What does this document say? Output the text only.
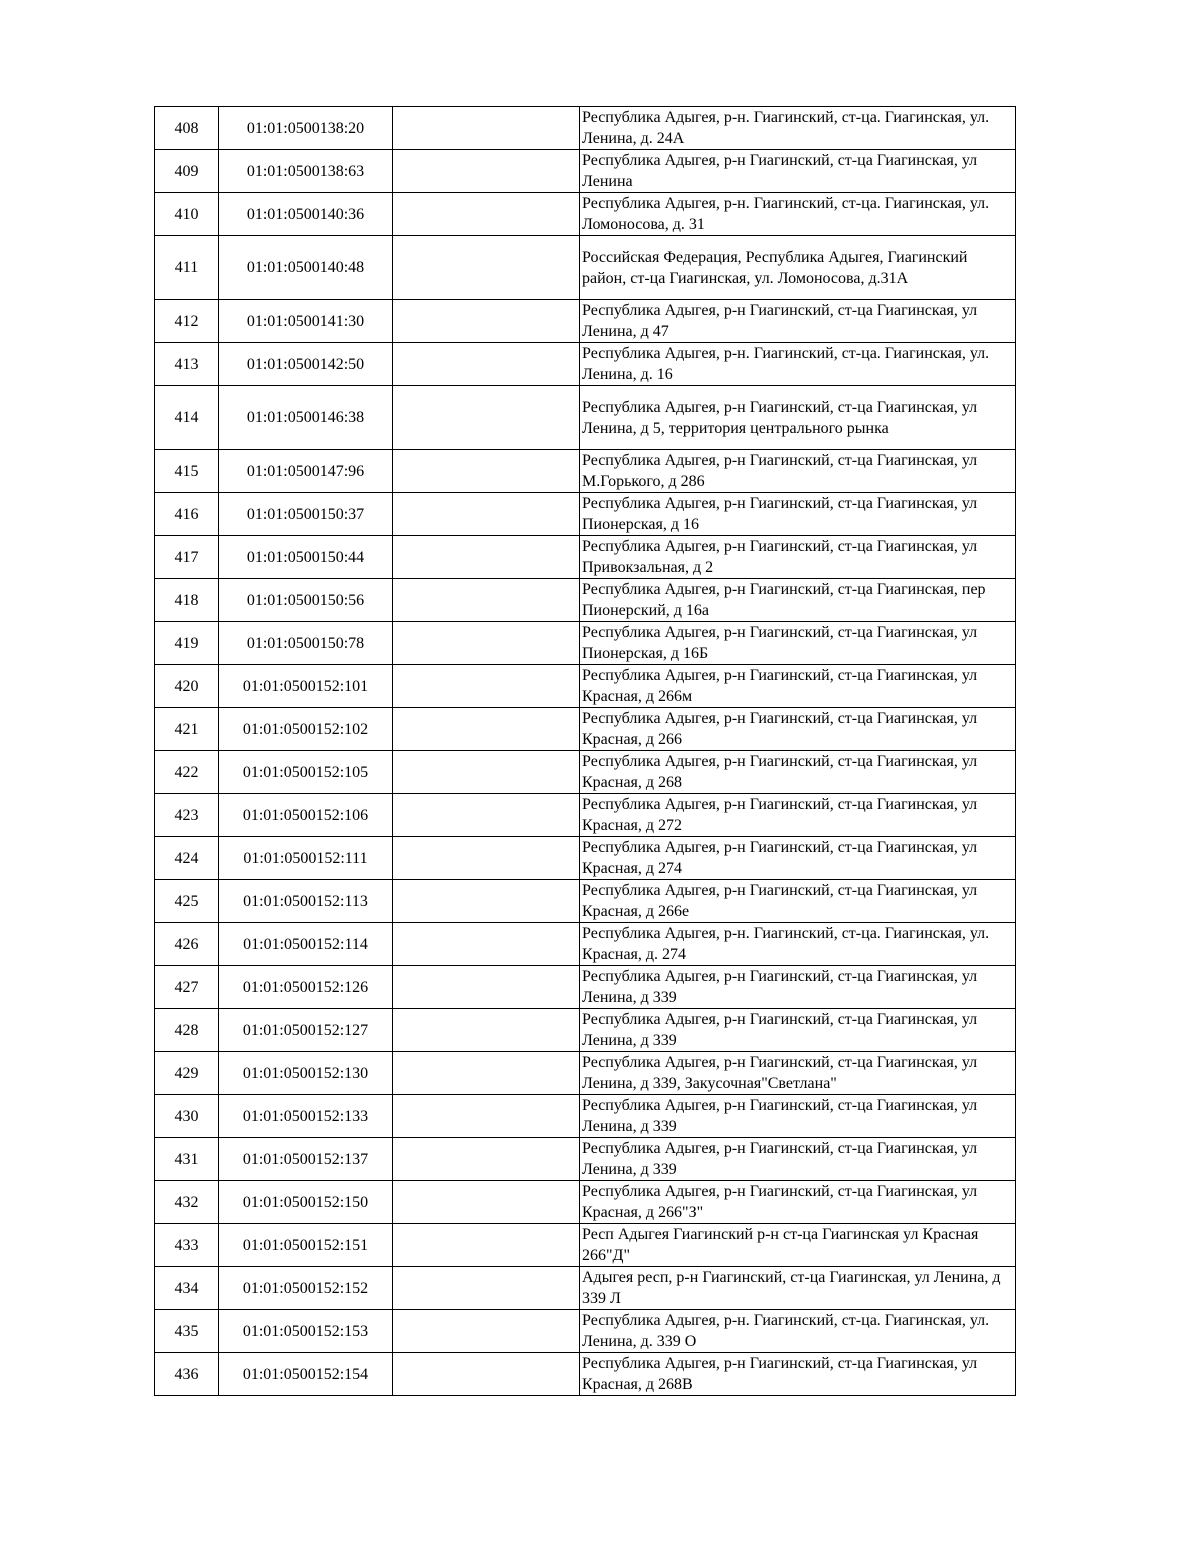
408	01:01:0500138:20		Республика Адыгея, р-н. Гиагинский, ст-ца. Гиагинская, ул. Ленина, д. 24А
409	01:01:0500138:63		Республика Адыгея, р-н Гиагинский, ст-ца Гиагинская, ул Ленина
410	01:01:0500140:36		Республика Адыгея, р-н. Гиагинский, ст-ца. Гиагинская, ул. Ломоносова, д. 31
411	01:01:0500140:48		Российская Федерация, Республика Адыгея, Гиагинский район, ст-ца Гиагинская, ул. Ломоносова, д.31А
412	01:01:0500141:30		Республика Адыгея, р-н Гиагинский, ст-ца Гиагинская, ул Ленина, д 47
413	01:01:0500142:50		Республика Адыгея, р-н. Гиагинский, ст-ца. Гиагинская, ул. Ленина, д. 16
414	01:01:0500146:38		Республика Адыгея, р-н Гиагинский, ст-ца Гиагинская, ул Ленина, д 5, территория центрального рынка
415	01:01:0500147:96		Республика Адыгея, р-н Гиагинский, ст-ца Гиагинская, ул М.Горького, д 286
416	01:01:0500150:37		Республика Адыгея, р-н Гиагинский, ст-ца Гиагинская, ул Пионерская, д 16
417	01:01:0500150:44		Республика Адыгея, р-н Гиагинский, ст-ца Гиагинская, ул Привокзальная, д 2
418	01:01:0500150:56		Республика Адыгея, р-н Гиагинский, ст-ца Гиагинская, пер Пионерский, д 16а
419	01:01:0500150:78		Республика Адыгея, р-н Гиагинский, ст-ца Гиагинская, ул Пионерская, д 16Б
420	01:01:0500152:101		Республика Адыгея, р-н Гиагинский, ст-ца Гиагинская, ул Красная, д 266м
421	01:01:0500152:102		Республика Адыгея, р-н Гиагинский, ст-ца Гиагинская, ул Красная, д 266
422	01:01:0500152:105		Республика Адыгея, р-н Гиагинский, ст-ца Гиагинская, ул Красная, д 268
423	01:01:0500152:106		Республика Адыгея, р-н Гиагинский, ст-ца Гиагинская, ул Красная, д 272
424	01:01:0500152:111		Республика Адыгея, р-н Гиагинский, ст-ца Гиагинская, ул Красная, д 274
425	01:01:0500152:113		Республика Адыгея, р-н Гиагинский, ст-ца Гиагинская, ул Красная, д 266е
426	01:01:0500152:114		Республика Адыгея, р-н. Гиагинский, ст-ца. Гиагинская, ул. Красная, д. 274
427	01:01:0500152:126		Республика Адыгея, р-н Гиагинский, ст-ца Гиагинская, ул Ленина, д 339
428	01:01:0500152:127		Республика Адыгея, р-н Гиагинский, ст-ца Гиагинская, ул Ленина, д 339
429	01:01:0500152:130		Республика Адыгея, р-н Гиагинский, ст-ца Гиагинская, ул Ленина, д 339, Закусочная"Светлана"
430	01:01:0500152:133		Республика Адыгея, р-н Гиагинский, ст-ца Гиагинская, ул Ленина, д 339
431	01:01:0500152:137		Республика Адыгея, р-н Гиагинский, ст-ца Гиагинская, ул Ленина, д 339
432	01:01:0500152:150		Республика Адыгея, р-н Гиагинский, ст-ца Гиагинская, ул Красная, д 266"З"
433	01:01:0500152:151		Респ Адыгея Гиагинский р-н ст-ца Гиагинская ул Красная 266"Д"
434	01:01:0500152:152		Адыгея респ, р-н Гиагинский, ст-ца Гиагинская, ул Ленина, д 339 Л
435	01:01:0500152:153		Республика Адыгея, р-н. Гиагинский, ст-ца. Гиагинская, ул. Ленина, д. 339 О
436	01:01:0500152:154		Республика Адыгея, р-н Гиагинский, ст-ца Гиагинская, ул Красная, д 268В
